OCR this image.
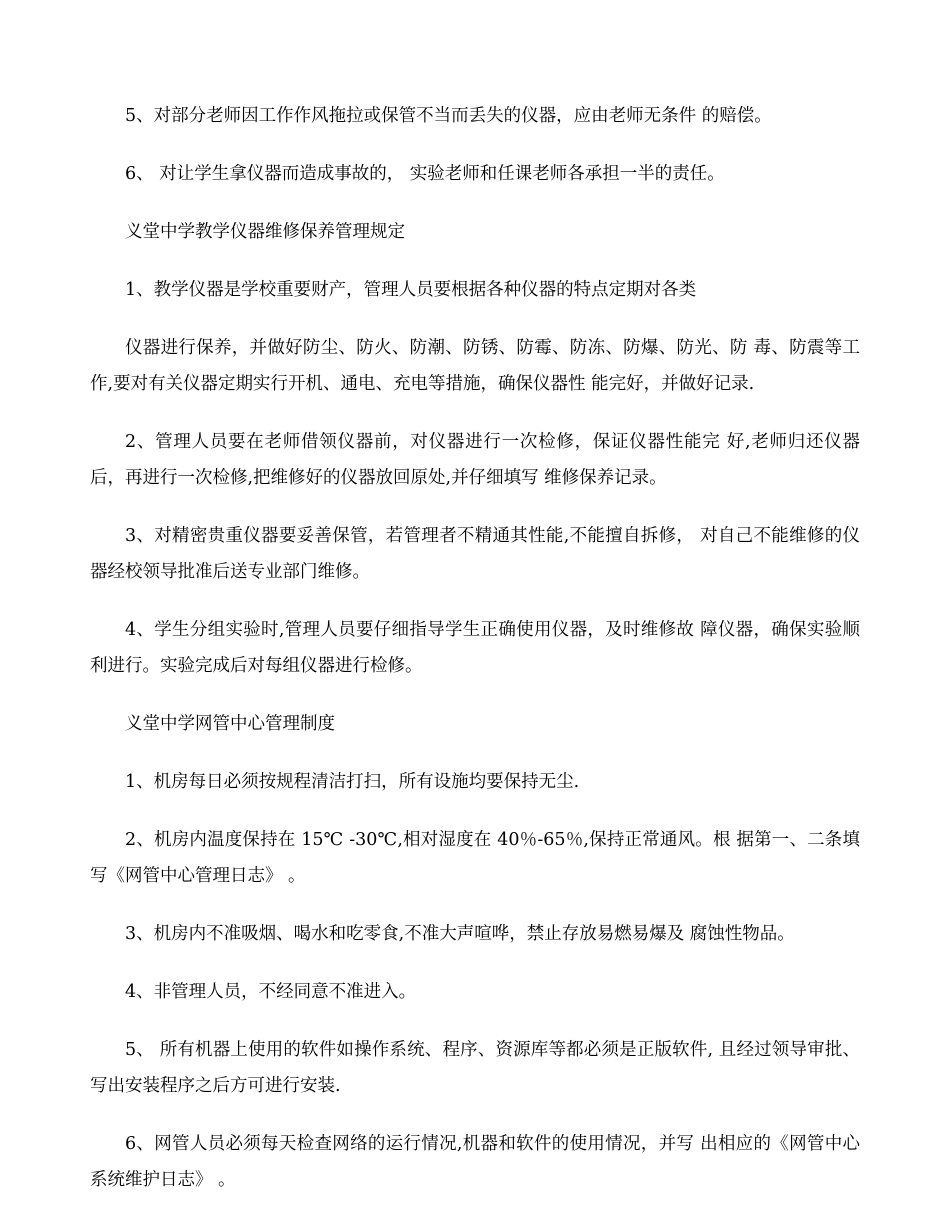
5、对部分老师因工作作风拖拉或保管不当而丢失的仪器，应由老师无条件 的赔偿。

6、 对让学生拿仪器而造成事故的， 实验老师和任课老师各承担一半的责任。

义堂中学教学仪器维修保养管理规定

1、教学仪器是学校重要财产，管理人员要根据各种仪器的特点定期对各类

仪器进行保养，并做好防尘、防火、防潮、防锈、防霉、防冻、防爆、防光、防 毒、防震等工作,要对有关仪器定期实行开机、通电、充电等措施，确保仪器性 能完好，并做好记录.

2、管理人员要在老师借领仪器前，对仪器进行一次检修，保证仪器性能完 好,老师归还仪器后，再进行一次检修,把维修好的仪器放回原处,并仔细填写 维修保养记录。

3、对精密贵重仪器要妥善保管，若管理者不精通其性能,不能擅自拆修， 对自己不能维修的仪器经校领导批准后送专业部门维修。

4、学生分组实验时,管理人员要仔细指导学生正确使用仪器，及时维修故 障仪器，确保实验顺利进行。实验完成后对每组仪器进行检修。

义堂中学网管中心管理制度

1、机房每日必须按规程清洁打扫，所有设施均要保持无尘.

2、机房内温度保持在 15℃ -30℃,相对湿度在 40％-65％,保持正常通风。根 据第一、二条填写《网管中心管理日志》 。

3、机房内不准吸烟、喝水和吃零食,不准大声喧哗，禁止存放易燃易爆及 腐蚀性物品。

4、非管理人员，不经同意不准进入。

5、 所有机器上使用的软件如操作系统、程序、资源库等都必须是正版软件, 且经过领导审批、写出安装程序之后方可进行安装.

6、网管人员必须每天检查网络的运行情况,机器和软件的使用情况，并写 出相应的《网管中心系统维护日志》 。
